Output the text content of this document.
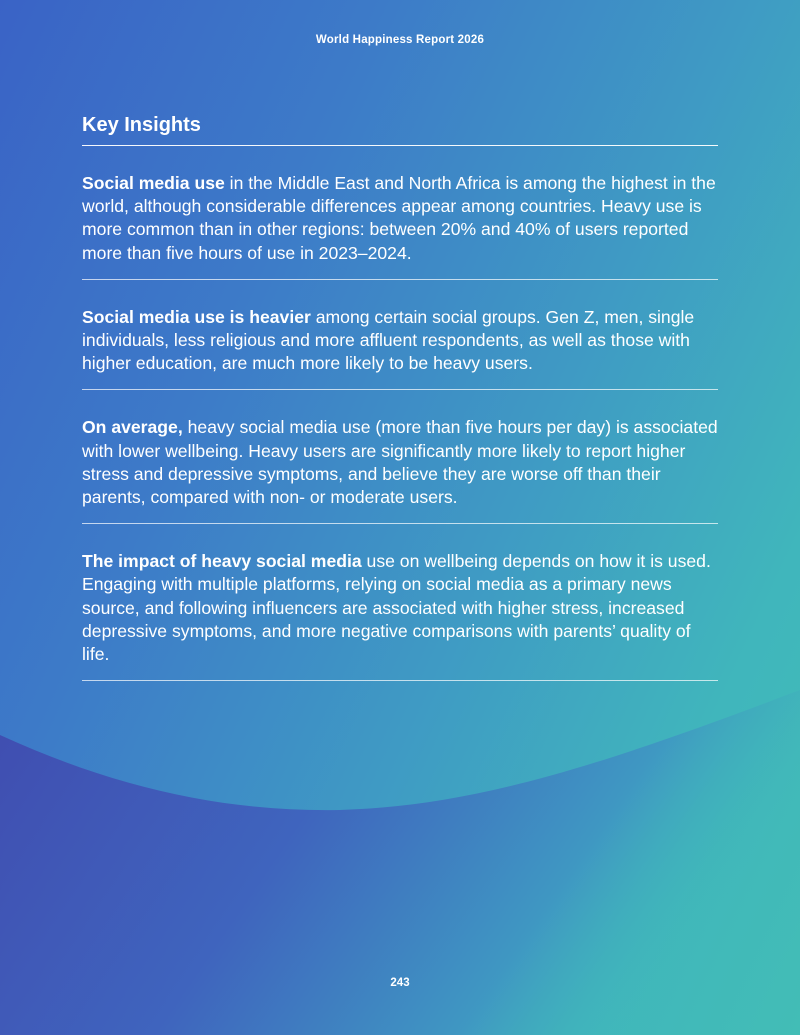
World Happiness Report 2026
Key Insights

Social media use in the Middle East and North Africa is among the highest in the world, although considerable differences appear among countries. Heavy use is more common than in other regions: between 20% and 40% of users reported more than five hours of use in 2023–2024.

Social media use is heavier among certain social groups. Gen Z, men, single individuals, less religious and more affluent respondents, as well as those with higher education, are much more likely to be heavy users.

On average, heavy social media use (more than five hours per day) is associated with lower wellbeing. Heavy users are significantly more likely to report higher stress and depressive symptoms, and believe they are worse off than their parents, compared with non- or moderate users.

The impact of heavy social media use on wellbeing depends on how it is used. Engaging with multiple platforms, relying on social media as a primary news source, and following influencers are associated with higher stress, increased depressive symptoms, and more negative comparisons with parents’ quality of life.

243
